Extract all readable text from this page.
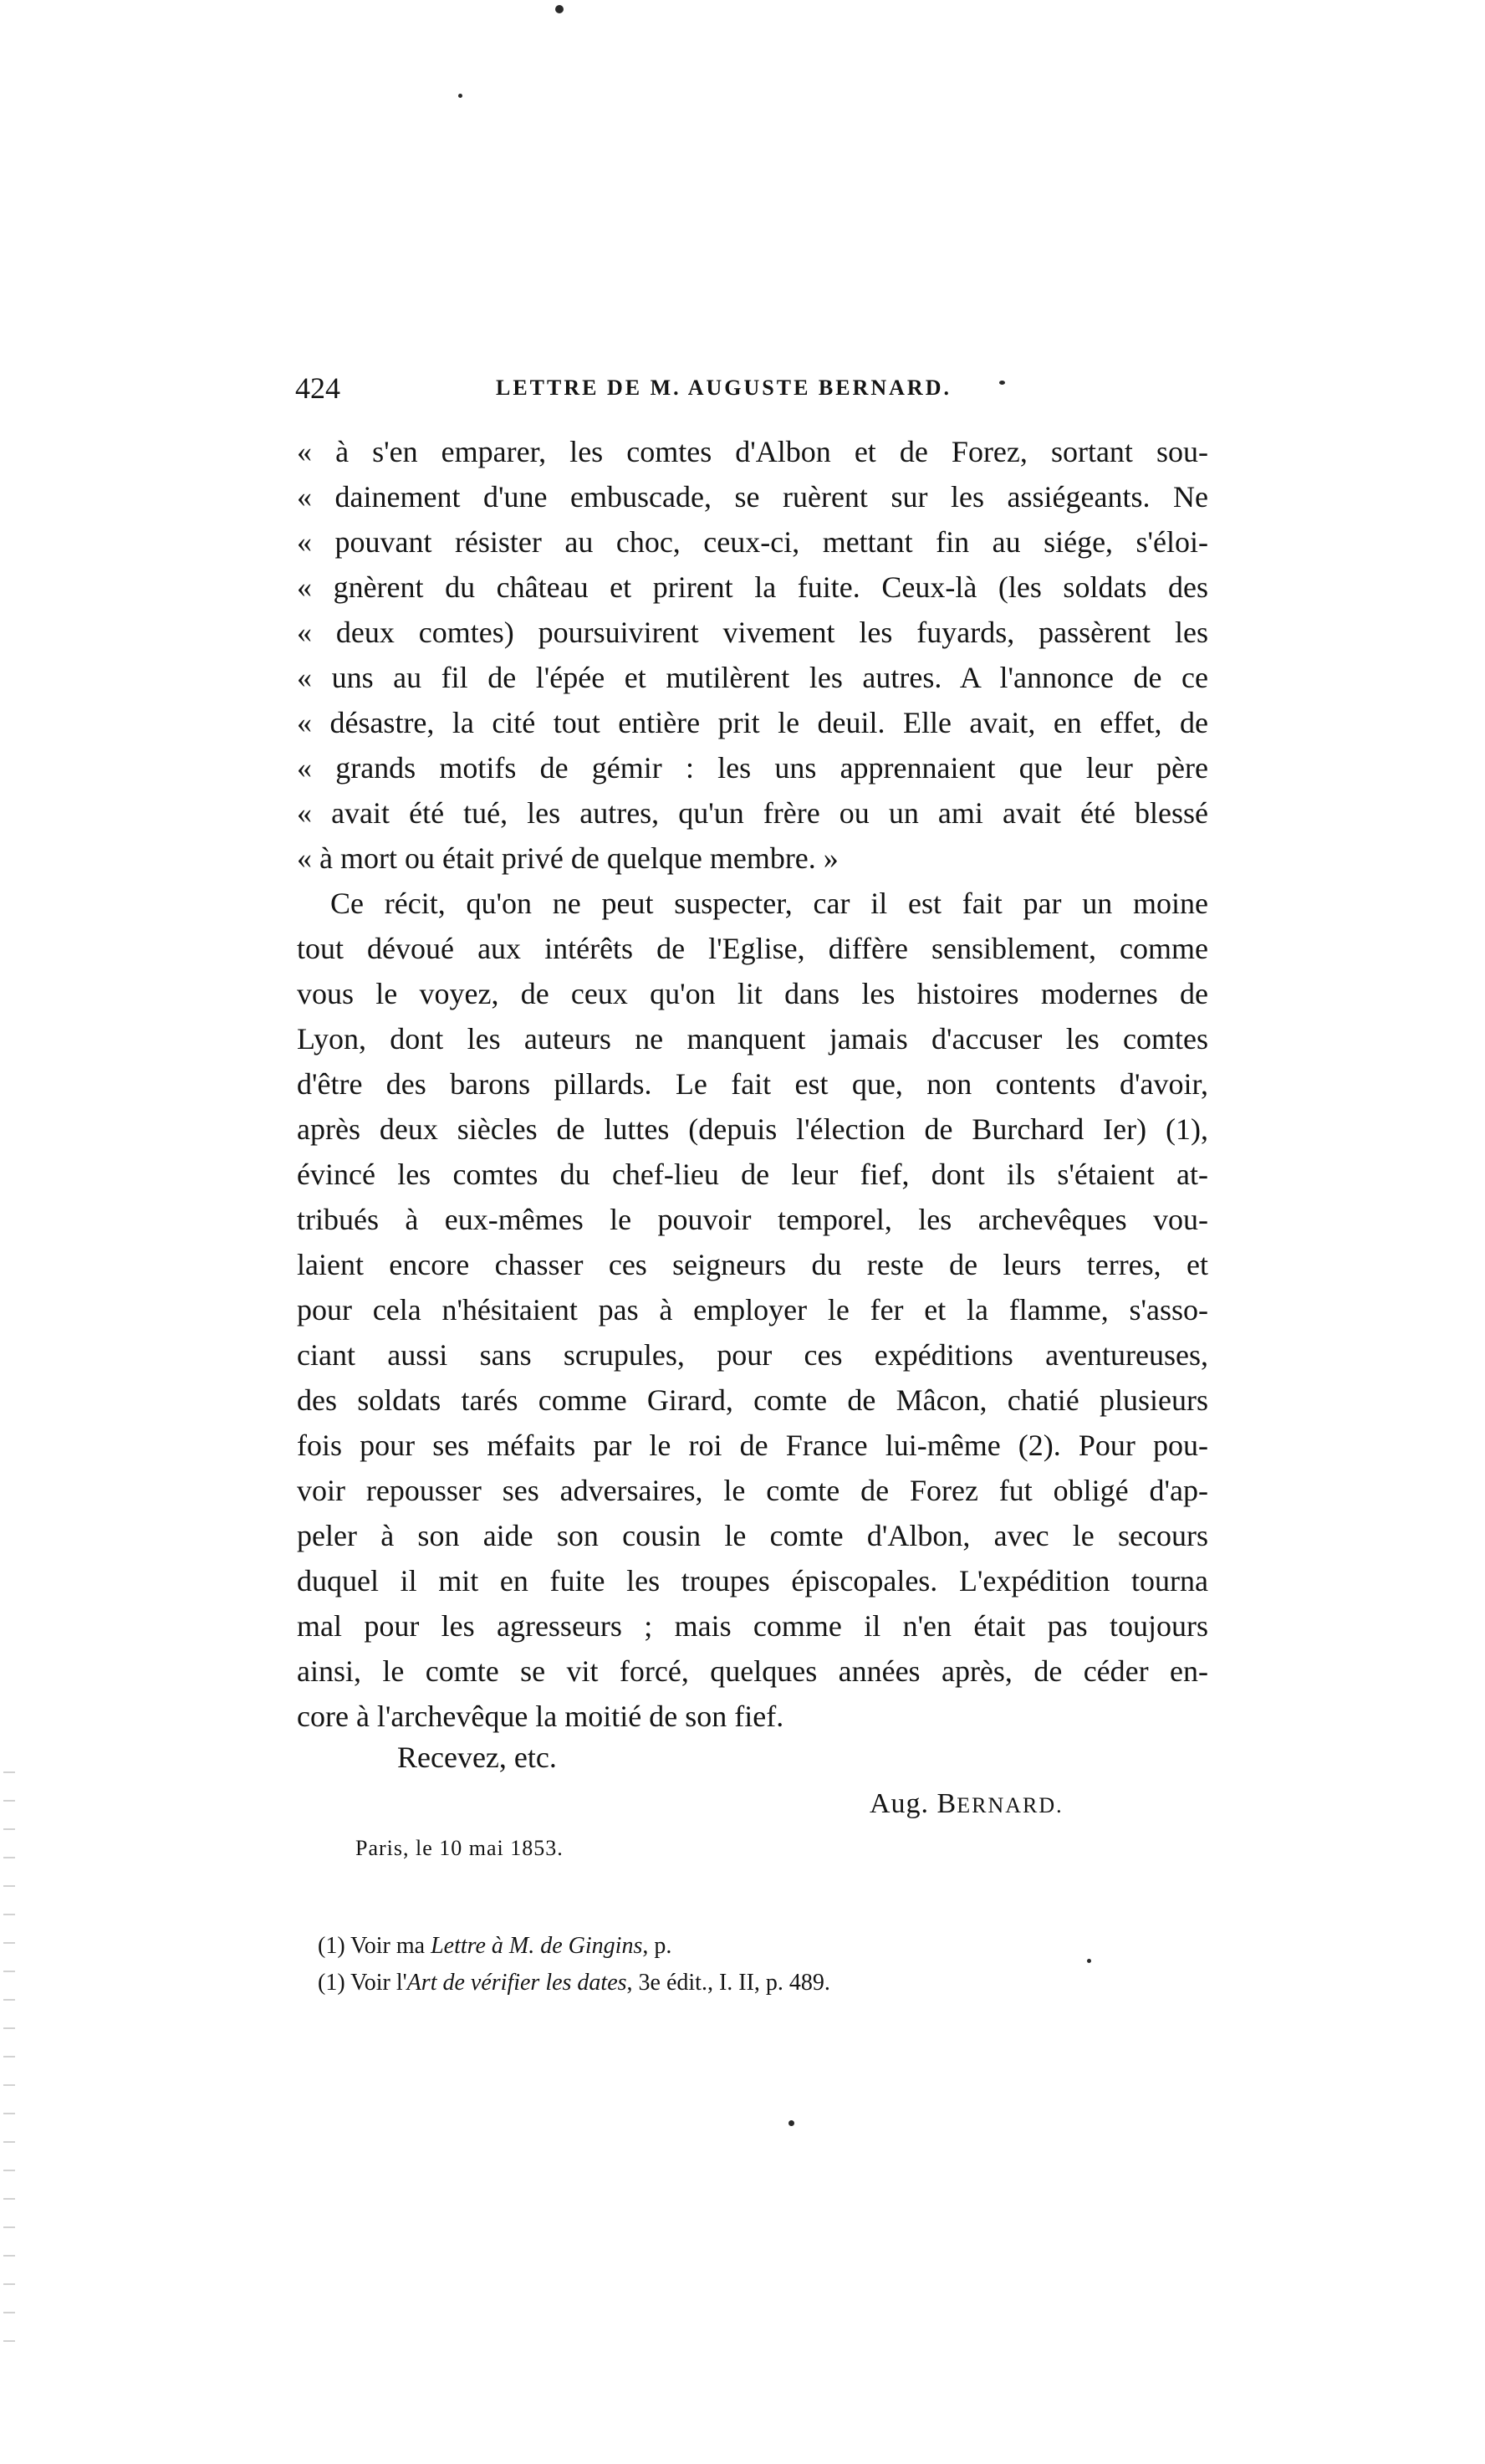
424	LETTRE DE M. AUGUSTE BERNARD.
« à s'en emparer, les comtes d'Albon et de Forez, sortant sou-
« dainement d'une embuscade, se ruèrent sur les assiégeants. Ne
« pouvant résister au choc, ceux-ci, mettant fin au siége, s'éloi-
« gnèrent du château et prirent la fuite. Ceux-là (les soldats des
« deux comtes) poursuivirent vivement les fuyards, passèrent les
« uns au fil de l'épée et mutilèrent les autres. A l'annonce de ce
« désastre, la cité tout entière prit le deuil. Elle avait, en effet, de
« grands motifs de gémir : les uns apprennaient que leur père
« avait été tué, les autres, qu'un frère ou un ami avait été blessé
« à mort ou était privé de quelque membre. »
Ce récit, qu'on ne peut suspecter, car il est fait par un moine
tout dévoué aux intérêts de l'Eglise, diffère sensiblement, comme
vous le voyez, de ceux qu'on lit dans les histoires modernes de
Lyon, dont les auteurs ne manquent jamais d'accuser les comtes
d'être des barons pillards. Le fait est que, non contents d'avoir,
après deux siècles de luttes (depuis l'élection de Burchard Ier) (1),
évincé les comtes du chef-lieu de leur fief, dont ils s'étaient at-
tribués à eux-mêmes le pouvoir temporel, les archevêques vou-
laient encore chasser ces seigneurs du reste de leurs terres, et
pour cela n'hésitaient pas à employer le fer et la flamme, s'asso-
ciant aussi sans scrupules, pour ces expéditions aventureuses,
des soldats tarés comme Girard, comte de Mâcon, chatié plusieurs
fois pour ses méfaits par le roi de France lui-même (2). Pour pou-
voir repousser ses adversaires, le comte de Forez fut obligé d'ap-
peler à son aide son cousin le comte d'Albon, avec le secours
duquel il mit en fuite les troupes épiscopales. L'expédition tourna
mal pour les agresseurs ; mais comme il n'en était pas toujours
ainsi, le comte se vit forcé, quelques années après, de céder en-
core à l'archevêque la moitié de son fief.
Recevez, etc.
Aug. BERNARD.
Paris, le 10 mai 1853.
(1) Voir ma Lettre à M. de Gingins, p.
(1) Voir l'Art de vérifier les dates, 3e édit., I. II, p. 489.
